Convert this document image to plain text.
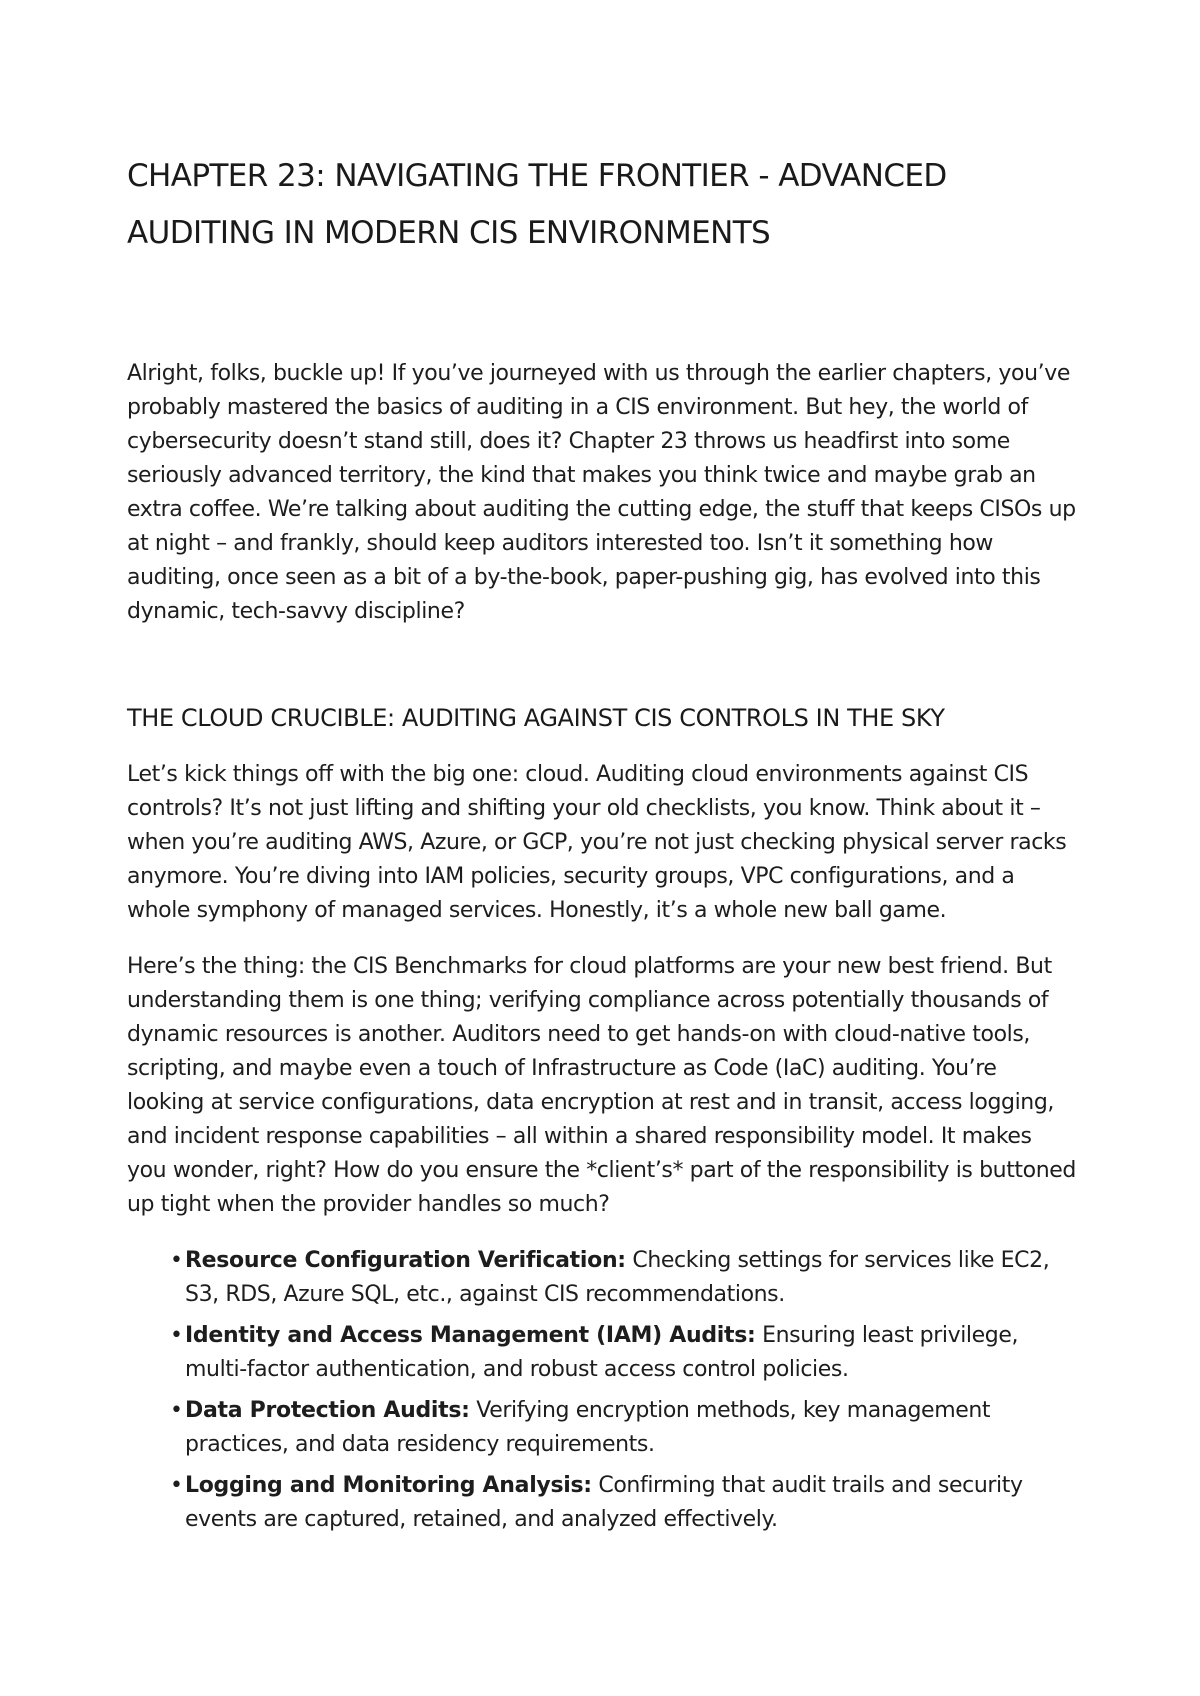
CHAPTER 23: NAVIGATING THE FRONTIER - ADVANCED AUDITING IN MODERN CIS ENVIRONMENTS

Alright, folks, buckle up! If you’ve journeyed with us through the earlier chapters, you’ve probably mastered the basics of auditing in a CIS environment. But hey, the world of cybersecurity doesn’t stand still, does it? Chapter 23 throws us headfirst into some seriously advanced territory, the kind that makes you think twice and maybe grab an extra coffee. We’re talking about auditing the cutting edge, the stuff that keeps CISOs up at night – and frankly, should keep auditors interested too. Isn’t it something how auditing, once seen as a bit of a by-the-book, paper-pushing gig, has evolved into this dynamic, tech-savvy discipline?

THE CLOUD CRUCIBLE: AUDITING AGAINST CIS CONTROLS IN THE SKY

Let’s kick things off with the big one: cloud. Auditing cloud environments against CIS controls? It’s not just lifting and shifting your old checklists, you know. Think about it – when you’re auditing AWS, Azure, or GCP, you’re not just checking physical server racks anymore. You’re diving into IAM policies, security groups, VPC configurations, and a whole symphony of managed services. Honestly, it’s a whole new ball game.

Here’s the thing: the CIS Benchmarks for cloud platforms are your new best friend. But understanding them is one thing; verifying compliance across potentially thousands of dynamic resources is another. Auditors need to get hands-on with cloud-native tools, scripting, and maybe even a touch of Infrastructure as Code (IaC) auditing. You’re looking at service configurations, data encryption at rest and in transit, access logging, and incident response capabilities – all within a shared responsibility model. It makes you wonder, right? How do you ensure the *client’s* part of the responsibility is buttoned up tight when the provider handles so much?

• Resource Configuration Verification: Checking settings for services like EC2, S3, RDS, Azure SQL, etc., against CIS recommendations.
• Identity and Access Management (IAM) Audits: Ensuring least privilege, multi-factor authentication, and robust access control policies.
• Data Protection Audits: Verifying encryption methods, key management practices, and data residency requirements.
• Logging and Monitoring Analysis: Confirming that audit trails and security events are captured, retained, and analyzed effectively.
